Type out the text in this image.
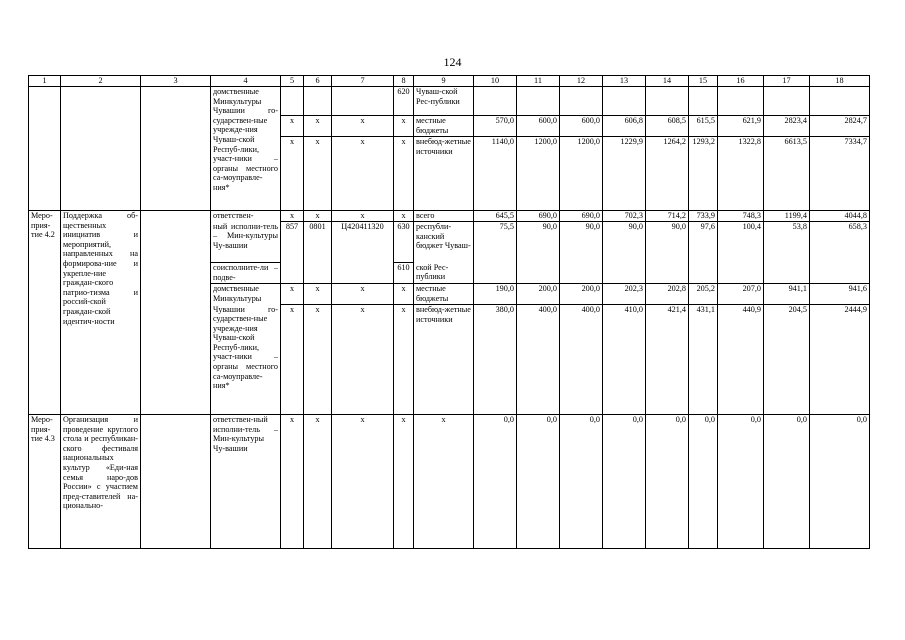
124
1	2	3	4	5	6	7	8	9	10	11	12	13	14	15	16	17	18
			домственные Минкультуры Чувашии го-сударствен-ные учрежде-ния Чуваш-ской Респуб-лики, участ-ники – органы местного са-моуправле-ния*				620	Чуваш-ской Рес-публики									
				x	x	x	x	местные бюджеты	570,0	600,0	600,0	606,8	608,5	615,5	621,9	2823,4	2824,7
				x	x	x	x	внебюд-жетные источники	1140,0	1200,0	1200,0	1229,9	1264,2	1293,2	1322,8	6613,5	7334,7
Меро-прия-тие 4.2	Поддержка об-щественных инициатив и мероприятий, направленных на формирова-ние и укрепле-ние граждан-ского патрио-тизма и россий-ской граждан-ской идентич-ности		ответствен-	x	x	x	x	всего	645,5	690,0	690,0	702,3	714,2	733,9	748,3	1199,4	4044,8
			ный исполни-тель – Мин-культуры Чу-вашии	857	0801	Ц420411320	630	республи-канский бюджет Чуваш-	75,5	90,0	90,0	90,0	90,0	97,6	100,4	53,8	658,3
			соисполните-ли – подве-				610	ской Рес-публики									
			домственные Минкультуры	x	x	x	x	местные бюджеты	190,0	200,0	200,0	202,3	202,8	205,2	207,0	941,1	941,6
			Чувашии го-сударствен-ные учрежде-ния Чуваш-ской Респуб-лики, участ-ники – органы местного са-моуправле-ния*	x	x	x	x	внебюд-жетные источники	380,0	400,0	400,0	410,0	421,4	431,1	440,9	204,5	2444,9
Меро-прия-тие 4.3	Организация и проведение круглого стола и республикан-ского фестиваля национальных культур «Еди-ная семья наро-дов России» с участием пред-ставителей на-ционально-		ответствен-ный исполни-тель – Мин-культуры Чу-вашии	x	x	x	x	x	0,0	0,0	0,0	0,0	0,0	0,0	0,0	0,0	0,0
